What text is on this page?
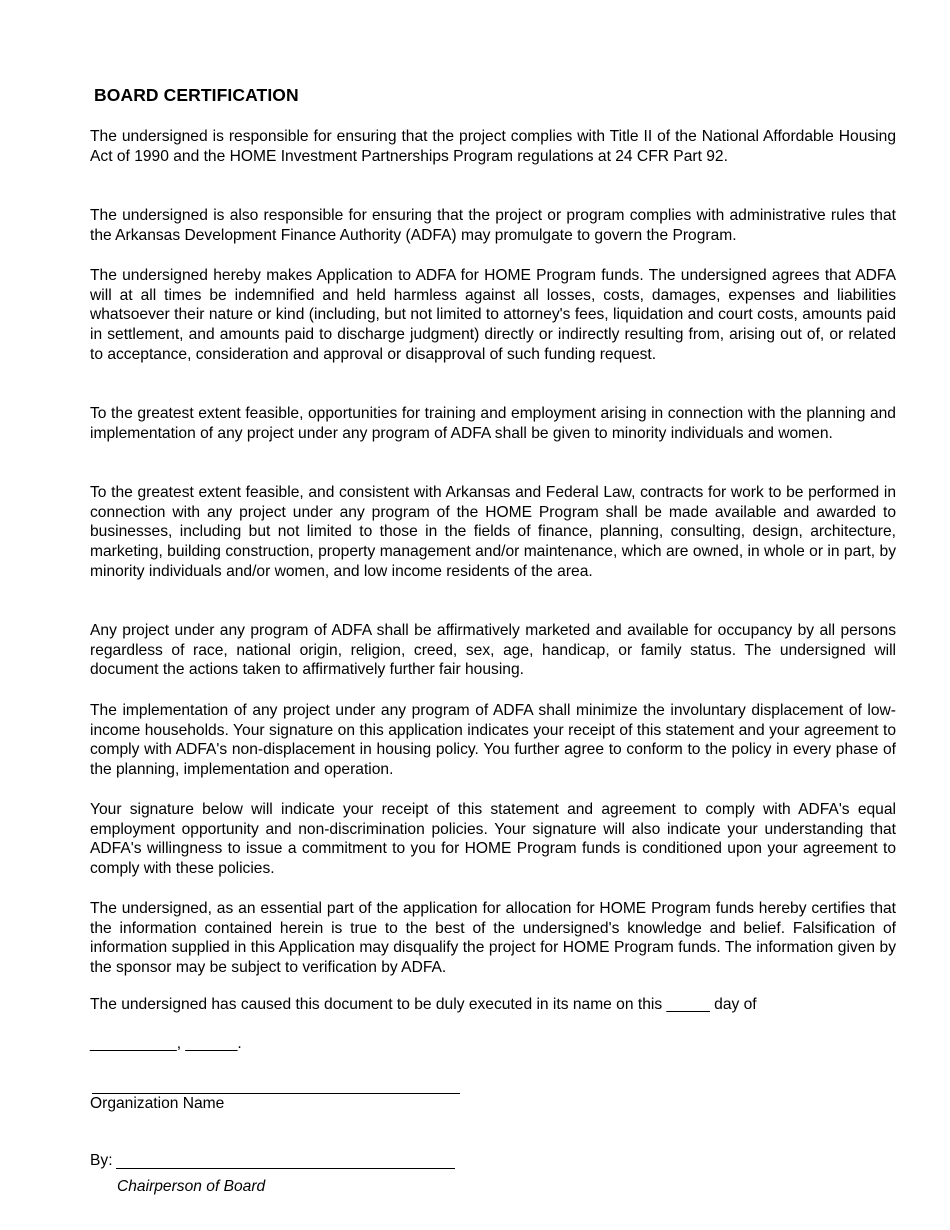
BOARD CERTIFICATION

The undersigned is responsible for ensuring that the project complies with Title II of the National Affordable Housing Act of 1990 and the HOME Investment Partnerships Program regulations at 24 CFR Part 92.

The undersigned is also responsible for ensuring that the project or program complies with administrative rules that the Arkansas Development Finance Authority (ADFA) may promulgate to govern the Program.

The undersigned hereby makes Application to ADFA for HOME Program funds. The undersigned agrees that ADFA will at all times be indemnified and held harmless against all losses, costs, damages, expenses and liabilities whatsoever their nature or kind (including, but not limited to attorney's fees, liquidation and court costs, amounts paid in settlement, and amounts paid to discharge judgment) directly or indirectly resulting from, arising out of, or related to acceptance, consideration and approval or disapproval of such funding request.

To the greatest extent feasible, opportunities for training and employment arising in connection with the planning and implementation of any project under any program of ADFA shall be given to minority individuals and women.

To the greatest extent feasible, and consistent with Arkansas and Federal Law, contracts for work to be performed in connection with any project under any program of the HOME Program shall be made available and awarded to businesses, including but not limited to those in the fields of finance, planning, consulting, design, architecture, marketing, building construction, property management and/or maintenance, which are owned, in whole or in part, by minority individuals and/or women, and low income residents of the area.

Any project under any program of ADFA shall be affirmatively marketed and available for occupancy by all persons regardless of race, national origin, religion, creed, sex, age, handicap, or family status. The undersigned will document the actions taken to affirmatively further fair housing.

The implementation of any project under any program of ADFA shall minimize the involuntary displacement of low- income households. Your signature on this application indicates your receipt of this statement and your agreement to comply with ADFA's non-displacement in housing policy. You further agree to conform to the policy in every phase of the planning, implementation and operation.

Your signature below will indicate your receipt of this statement and agreement to comply with ADFA's equal employment opportunity and non-discrimination policies. Your signature will also indicate your understanding that ADFA's willingness to issue a commitment to you for HOME Program funds is conditioned upon your agreement to comply with these policies.

The undersigned, as an essential part of the application for allocation for HOME Program funds hereby certifies that the information contained herein is true to the best of the undersigned's knowledge and belief. Falsification of information supplied in this Application may disqualify the project for HOME Program funds. The information given by the sponsor may be subject to verification by ADFA.

The undersigned has caused this document to be duly executed in its name on this _____ day of
__________, ______.
Organization Name
By:
Chairperson of Board
